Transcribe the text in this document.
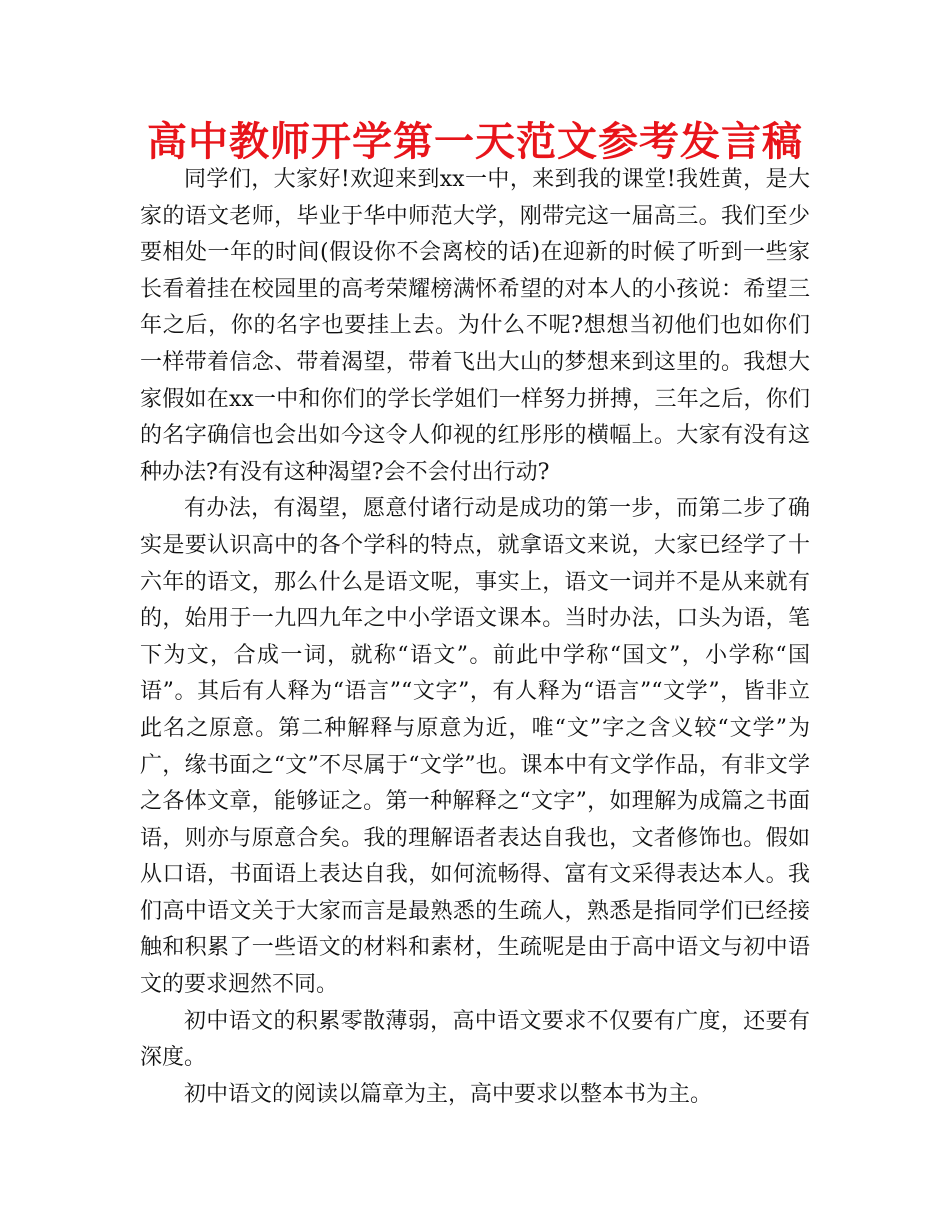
高中教师开学第一天范文参考发言稿

同学们，大家好!欢迎来到xx一中，来到我的课堂!我姓黄，是大家的语文老师，毕业于华中师范大学，刚带完这一届高三。我们至少要相处一年的时间(假设你不会离校的话)在迎新的时候了听到一些家长看着挂在校园里的高考荣耀榜满怀希望的对本人的小孩说：希望三年之后，你的名字也要挂上去。为什么不呢?想想当初他们也如你们一样带着信念、带着渴望，带着飞出大山的梦想来到这里的。我想大家假如在xx一中和你们的学长学姐们一样努力拼搏，三年之后，你们的名字确信也会出如今这令人仰视的红彤彤的横幅上。大家有没有这种办法?有没有这种渴望?会不会付出行动?

有办法，有渴望，愿意付诸行动是成功的第一步，而第二步了确实是要认识高中的各个学科的特点，就拿语文来说，大家已经学了十六年的语文，那么什么是语文呢，事实上，语文一词并不是从来就有的，始用于一九四九年之中小学语文课本。当时办法，口头为语，笔下为文，合成一词，就称“语文”。前此中学称“国文”，小学称“国语”。其后有人释为“语言”“文字”，有人释为“语言”“文学”，皆非立此名之原意。第二种解释与原意为近，唯“文”字之含义较“文学”为广，缘书面之“文”不尽属于“文学”也。课本中有文学作品，有非文学之各体文章，能够证之。第一种解释之“文字”，如理解为成篇之书面语，则亦与原意合矣。我的理解语者表达自我也，文者修饰也。假如从口语，书面语上表达自我，如何流畅得、富有文采得表达本人。我们高中语文关于大家而言是最熟悉的生疏人，熟悉是指同学们已经接触和积累了一些语文的材料和素材，生疏呢是由于高中语文与初中语文的要求迥然不同。

初中语文的积累零散薄弱，高中语文要求不仅要有广度，还要有深度。

初中语文的阅读以篇章为主，高中要求以整本书为主。
